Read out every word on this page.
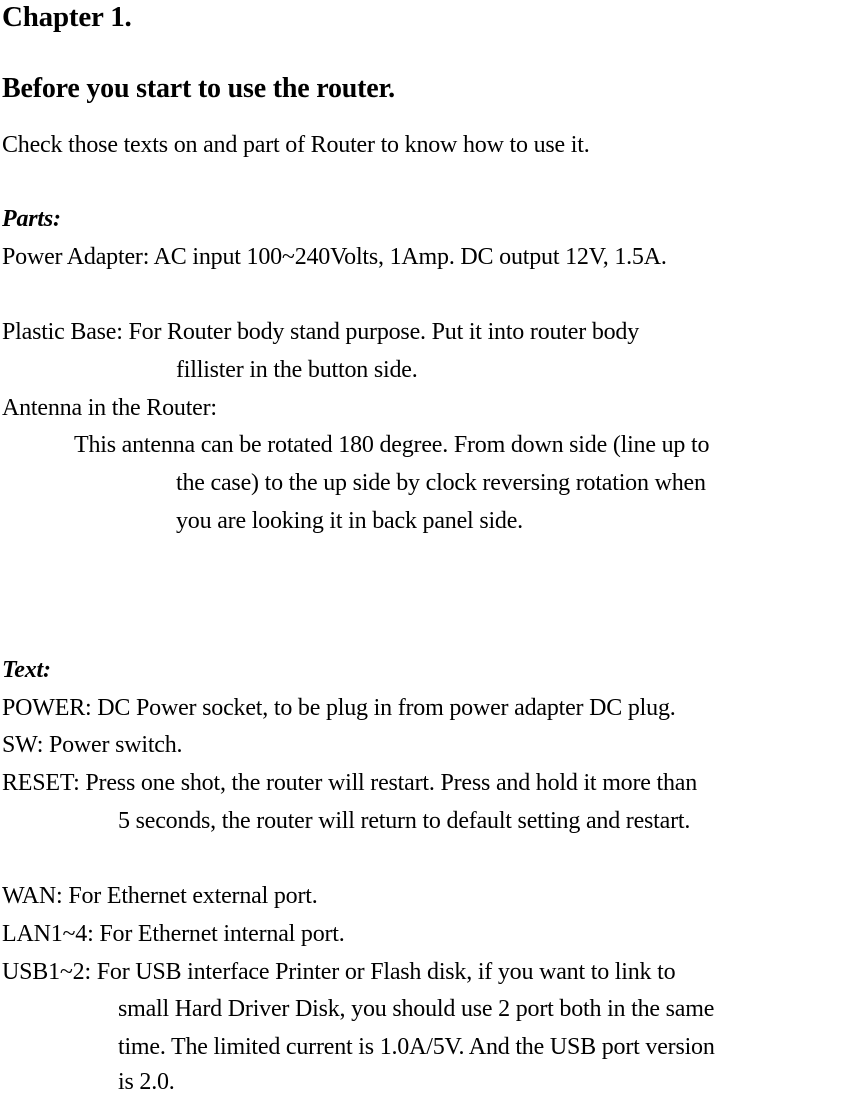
Chapter 1.
Before you start to use the router.
Check those texts on and part of Router to know how to use it.
Parts:
Power Adapter: AC input 100~240Volts, 1Amp. DC output 12V, 1.5A.
Plastic Base: For Router body stand purpose. Put it into router body
fillister in the button side.
Antenna in the Router:
This antenna can be rotated 180 degree. From down side (line up to
the case) to the up side by clock reversing rotation when
you are looking it in back panel side.
Text:
POWER: DC Power socket, to be plug in from power adapter DC plug.
SW: Power switch.
RESET: Press one shot, the router will restart. Press and hold it more than
5 seconds, the router will return to default setting and restart.
WAN: For Ethernet external port.
LAN1~4: For Ethernet internal port.
USB1~2: For USB interface Printer or Flash disk, if you want to link to
small Hard Driver Disk, you should use 2 port both in the same
time. The limited current is 1.0A/5V. And the USB port version
is 2.0.
